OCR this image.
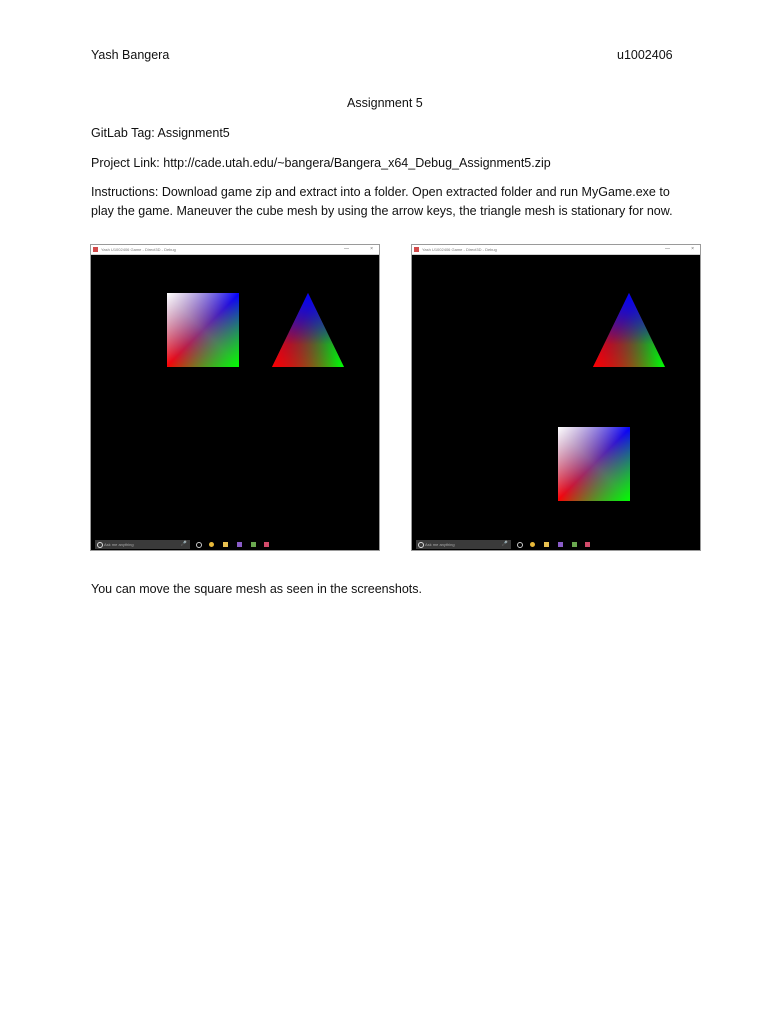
Yash Bangera	u1002406
Assignment 5
GitLab Tag: Assignment5
Project Link: http://cade.utah.edu/~bangera/Bangera_x64_Debug_Assignment5.zip
Instructions: Download game zip and extract into a folder. Open extracted folder and run MyGame.exe to play the game. Maneuver the cube mesh by using the arrow keys, the triangle mesh is stationary for now.
Yash U1002406 Game - Direct3D - Debug	—	×
Ask me anything	🎤
Yash U1002406 Game - Direct3D - Debug	—	×
Ask me anything	🎤
You can move the square mesh as seen in the screenshots.
